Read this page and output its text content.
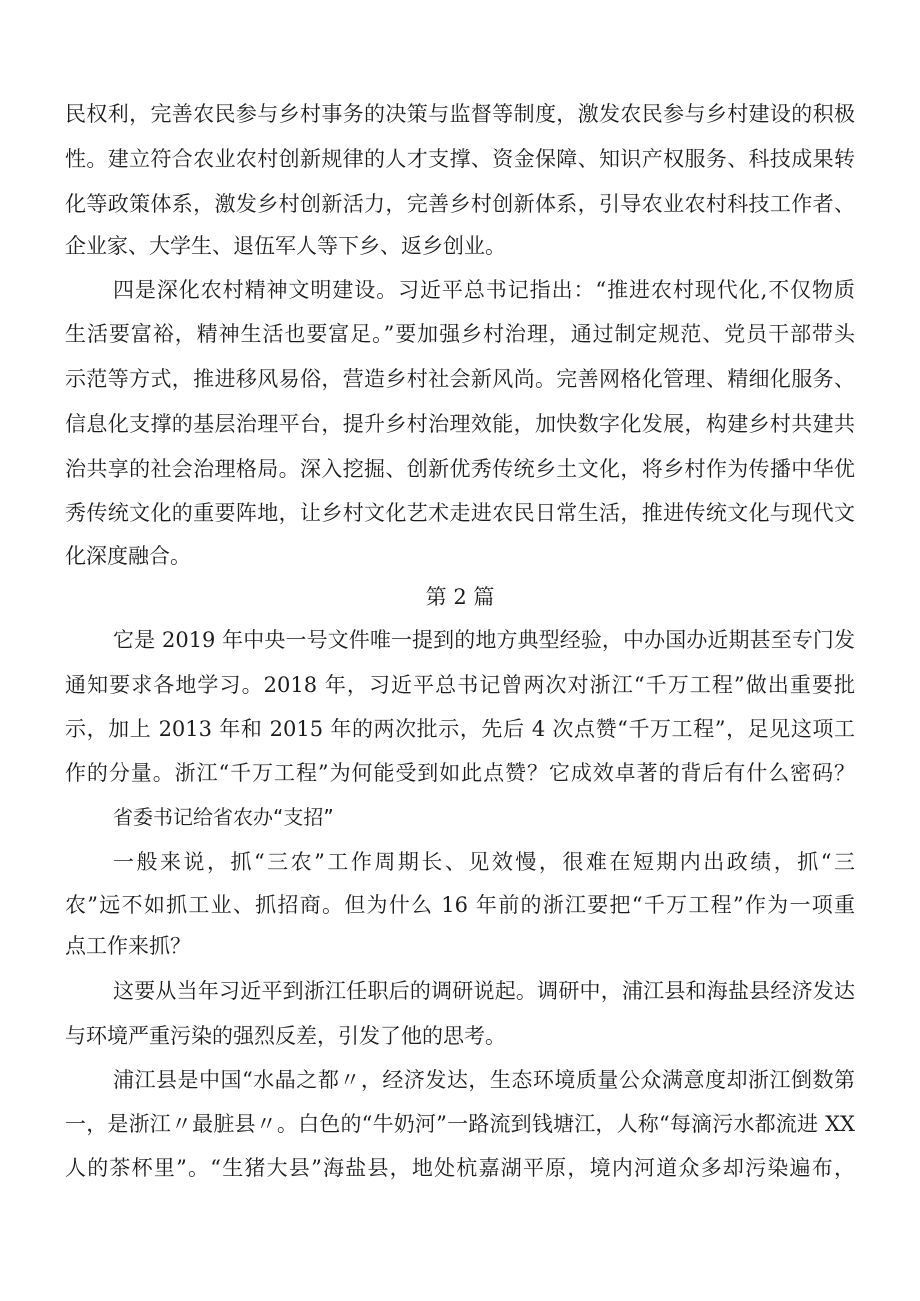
民权利，完善农民参与乡村事务的决策与监督等制度，激发农民参与乡村建设的积极
性。建立符合农业农村创新规律的人才支撑、资金保障、知识产权服务、科技成果转
化等政策体系，激发乡村创新活力，完善乡村创新体系，引导农业农村科技工作者、
企业家、大学生、退伍军人等下乡、返乡创业。
四是深化农村精神文明建设。习近平总书记指出：“推进农村现代化,不仅物质
生活要富裕，精神生活也要富足。”要加强乡村治理，通过制定规范、党员干部带头
示范等方式，推进移风易俗，营造乡村社会新风尚。完善网格化管理、精细化服务、
信息化支撑的基层治理平台，提升乡村治理效能，加快数字化发展，构建乡村共建共
治共享的社会治理格局。深入挖掘、创新优秀传统乡土文化，将乡村作为传播中华优
秀传统文化的重要阵地，让乡村文化艺术走进农民日常生活，推进传统文化与现代文
化深度融合。
第 2 篇
它是 2019 年中央一号文件唯一提到的地方典型经验，中办国办近期甚至专门发
通知要求各地学习。2018 年，习近平总书记曾两次对浙江“千万工程”做出重要批
示，加上 2013 年和 2015 年的两次批示，先后 4 次点赞“千万工程”，足见这项工
作的分量。浙江“千万工程”为何能受到如此点赞？它成效卓著的背后有什么密码？
省委书记给省农办“支招”
一般来说，抓“三农”工作周期长、见效慢，很难在短期内出政绩，抓“三
农”远不如抓工业、抓招商。但为什么 16 年前的浙江要把“千万工程”作为一项重
点工作来抓？
这要从当年习近平到浙江任职后的调研说起。调研中，浦江县和海盐县经济发达
与环境严重污染的强烈反差，引发了他的思考。
浦江县是中国“水晶之都〃，经济发达，生态环境质量公众满意度却浙江倒数第
一，是浙江〃最脏县〃。白色的“牛奶河”一路流到钱塘江，人称“每滴污水都流进 XX
人的茶杯里”。“生猪大县”海盐县，地处杭嘉湖平原，境内河道众多却污染遍布，
